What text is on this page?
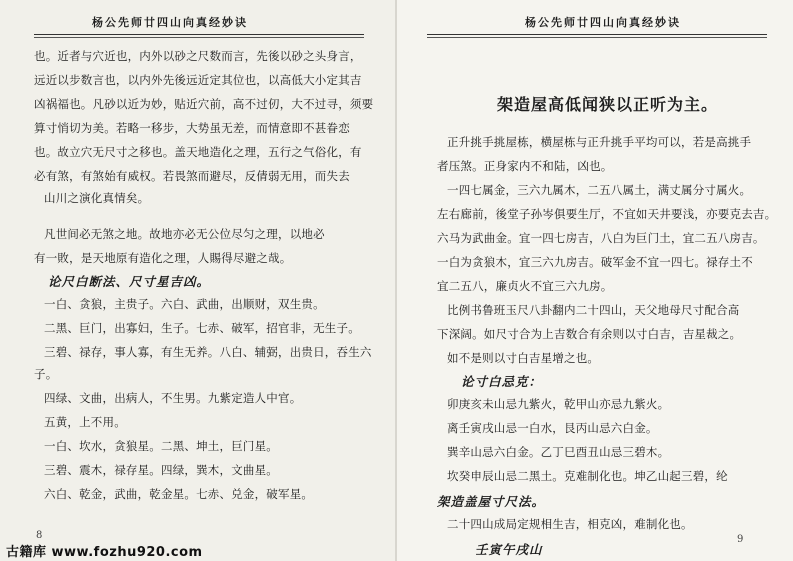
杨公先师廿四山向真经妙诀
也。近者与穴近也，内外以砂之尺数而言，先後以砂之头身言，
远近以步数言也，以内外先後远近定其位也，以高低大小定其吉
凶祸福也。凡砂以近为妙，贴近穴前，高不过仞，大不过寻，须要
算寸悄切为美。若略一移步，大势虽无差，而情意即不甚眷恋
也。故立穴无尺寸之移也。盖天地造化之理，五行之气俗化，有
必有煞，有煞始有威权。若畏煞而避尽，反倩弱无用，而失去
山川之演化真情矣。
凡世间必无煞之地。故地亦必无公位尽匀之理，以地必
有一敗，是天地原有造化之理，人賜得尽避之哉。
论尺白断法、尺寸星吉凶。
一白、贪狼，主贵子。六白、武曲，出顺财，双生贵。
二黑、巨门，出寡妇，生子。七赤、破军，招官非，无生子。
三碧、禄存，事人寡，有生无养。八白、辅弼，出贵日，吞生六
子。
四绿、文曲，出病人，不生男。九紫定造人中官。
五黄，上不用。
一白、坎水，贪狼星。二黑、坤土，巨门星。
三碧、震木，禄存星。四绿，巽木，文曲星。
六白、乾金，武曲，乾金星。七赤、兑金，破军星。
8
杨公先师廿四山向真经妙诀
架造屋高低闻狭以正听为主。
正升挑手挑屋栋，横屋栋与正升挑手平均可以，若是高挑手
者压煞。正身家内不和陆，凶也。
一四七属金，三六九属木，二五八属土，满丈属分寸属火。
左右廊前，後堂子孙岑俱要生厅，不宜如天井要浅，亦要克去吉。
六马为武曲金。宜一四七房吉，八白为巨门土，宜二五八房吉。
一白为贪狼木，宜三六九房吉。破军金不宜一四七。禄存土不
宜二五八，廉贞火不宜三六九房。
比例书鲁班玉尺八卦翻内二十四山，天父地母尺寸配合高
下深阔。如尺寸合为上吉数合有余则以寸白吉，吉星裁之。
如不是则以寸白吉星增之也。
论寸白忌克：
卯庚亥未山忌九紫火，乾甲山亦忌九紫火。
离壬寅戌山忌一白水，艮丙山忌六白金。
巽辛山忌六白金。乙丁巳酉丑山忌三碧木。
坎癸申辰山忌二黑土。克难制化也。坤乙山起三碧，纶
架造盖屋寸尺法。
二十四山成局定规相生吉，相克凶，难制化也。
壬寅午戌山
9
古籍库 www.fozhu920.com
